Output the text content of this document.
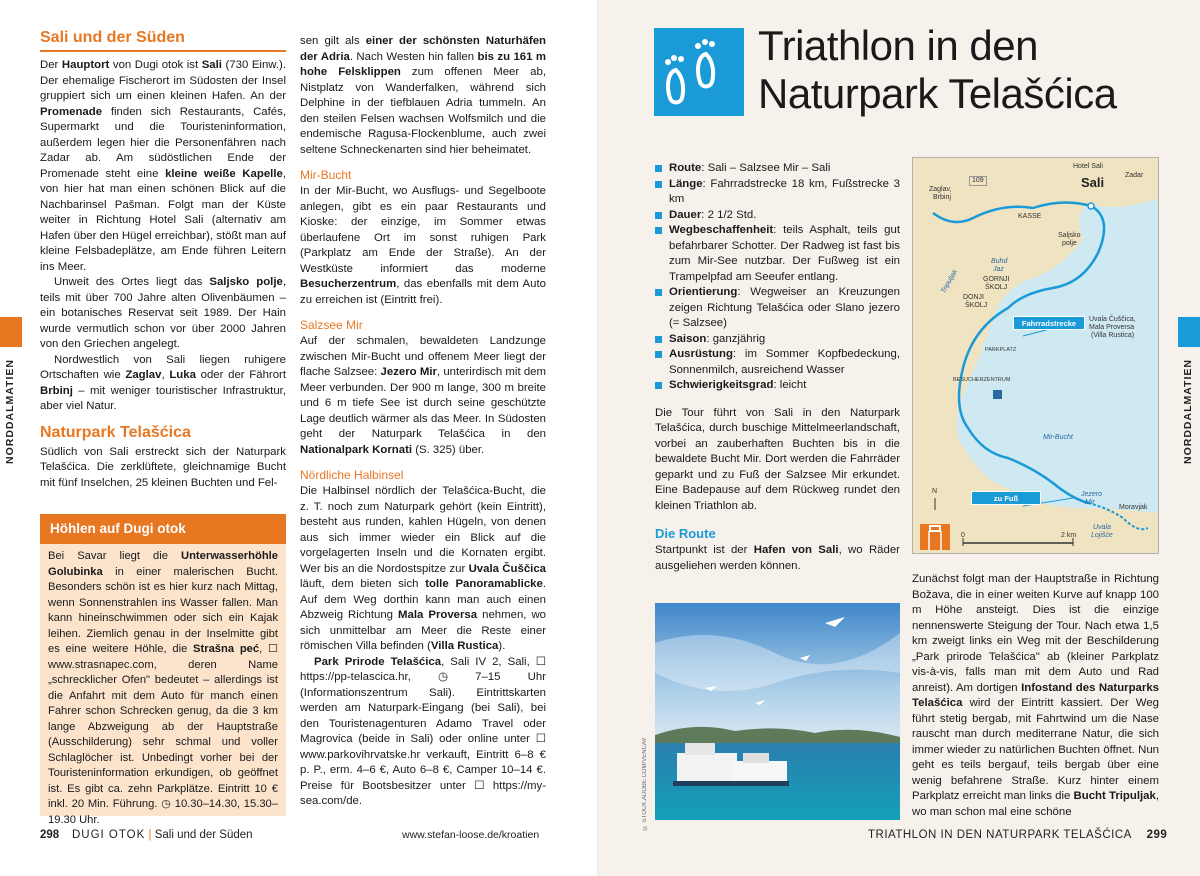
NORDDALMATIEN
Sali und der Süden

Der Hauptort von Dugi otok ist Sali (730 Einw.). Der ehemalige Fischerort im Südosten der Insel gruppiert sich um einen kleinen Hafen. An der Promenade finden sich Restaurants, Cafés, Supermarkt und die Touristeninformation, außerdem legen hier die Personenfähren nach Zadar ab. Am südöstlichen Ende der Promenade steht eine kleine weiße Kapelle, von hier hat man einen schönen Blick auf die Nachbarinsel Pašman. Folgt man der Küste weiter in Richtung Hotel Sali (alternativ am Hafen über den Hügel erreichbar), stößt man auf kleine Felsbadeplätze, am Ende führen Leitern ins Meer.

Unweit des Ortes liegt das Saljsko polje, teils mit über 700 Jahre alten Olivenbäumen – ein botanisches Reservat seit 1989. Der Hain wurde vermutlich schon vor über 2000 Jahren von den Griechen angelegt.

Nordwestlich von Sali liegen ruhigere Ortschaften wie Zaglav, Luka oder der Fährort Brbinj – mit weniger touristischer Infrastruktur, aber viel Natur.

Naturpark Telašćica

Südlich von Sali erstreckt sich der Naturpark Telašćica. Die zerklüftete, gleichnamige Bucht mit fünf Inselchen, 25 kleinen Buchten und Fel-

Höhlen auf Dugi otok
Bei Savar liegt die Unterwasserhöhle Golubinka in einer malerischen Bucht. Besonders schön ist es hier kurz nach Mittag, wenn Sonnenstrahlen ins Wasser fallen. Man kann hineinschwimmen oder sich ein Kajak leihen. Ziemlich genau in der Inselmitte gibt es eine weitere Höhle, die Strašna peć, ☐ www.strasnapec.com, deren Name „schrecklicher Ofen" bedeutet – allerdings ist die Anfahrt mit dem Auto für manch einen Fahrer schon Schrecken genug, da die 3 km lange Abzweigung ab der Hauptstraße (Ausschilderung) sehr schmal und voller Schlaglöcher ist. Unbedingt vorher bei der Touristeninformation erkundigen, ob geöffnet ist. Es gibt ca. zehn Parkplätze. Eintritt 10 € inkl. 20 Min. Führung. ◷ 10.30–14.30, 15.30–19.30 Uhr.

sen gilt als einer der schönsten Naturhäfen der Adria. Nach Westen hin fallen bis zu 161 m hohe Felsklippen zum offenen Meer ab, Nistplatz von Wanderfalken, während sich Delphine in der tiefblauen Adria tummeln. An den steilen Felsen wachsen Wolfsmilch und die endemische Ragusa-Flockenblume, auch zwei seltene Schneckenarten sind hier beheimatet.

Mir-Bucht

In der Mir-Bucht, wo Ausflugs- und Segelboote anlegen, gibt es ein paar Restaurants und Kioske: der einzige, im Sommer etwas überlaufene Ort im sonst ruhigen Park (Parkplatz am Ende der Straße). An der Westküste informiert das moderne Besucherzentrum, das ebenfalls mit dem Auto zu erreichen ist (Eintritt frei).

Salzsee Mir

Auf der schmalen, bewaldeten Landzunge zwischen Mir-Bucht und offenem Meer liegt der flache Salzsee: Jezero Mir, unterirdisch mit dem Meer verbunden. Der 900 m lange, 300 m breite und 6 m tiefe See ist durch seine geschützte Lage deutlich wärmer als das Meer. In Südosten geht der Naturpark Telašćica in den Nationalpark Kornati (S. 325) über.

Nördliche Halbinsel

Die Halbinsel nördlich der Telašćica-Bucht, die z. T. noch zum Naturpark gehört (kein Eintritt), besteht aus runden, kahlen Hügeln, von denen aus sich immer wieder ein Blick auf die vorgelagerten Inseln und die Kornaten ergibt. Wer bis an die Nordostspitze zur Uvala Čuščica läuft, dem bieten sich tolle Panoramablicke. Auf dem Weg dorthin kann man auch einen Abzweig Richtung Mala Proversa nehmen, wo sich unmittelbar am Meer die Reste einer römischen Villa befinden (Villa Rustica).

Park Prirode Telašćica, Sali IV 2, Sali, ☐ https://pp-telascica.hr, ◷ 7–15 Uhr (Informationszentrum Sali). Eintrittskarten werden am Naturpark-Eingang (bei Sali), bei den Touristenagenturen Adamo Travel oder Magrovica (beide in Sali) oder online unter ☐ www.parkovihrvatske.hr verkauft, Eintritt 6–8 € p. P., erm. 4–6 €, Auto 6–8 €, Camper 10–14 €. Preise für Bootsbesitzer unter ☐ https://my-sea.com/de.

298 DUGI OTOK | Sali und der Süden	www.stefan-loose.de/kroatien
NORDDALMATIEN
Triathlon in den
Naturpark Telašćica
Route: Sali – Salzsee Mir – Sali
Länge: Fahrradstrecke 18 km, Fußstrecke 3 km
Dauer: 2 1/2 Std.
Wegbeschaffenheit: teils Asphalt, teils gut befahrbarer Schotter. Der Radweg ist fast bis zum Mir-See nutzbar. Der Fußweg ist ein Trampelpfad am Seeufer entlang.
Orientierung: Wegweiser an Kreuzungen zeigen Richtung Telašćica oder Slano jezero (= Salzsee)
Saison: ganzjährig
Ausrüstung: im Sommer Kopfbedeckung, Sonnenmilch, ausreichend Wasser
Schwierigkeitsgrad: leicht

Die Tour führt von Sali in den Naturpark Telašćica, durch buschige Mittelmeerlandschaft, vorbei an zauberhaften Buchten bis in die bewaldete Bucht Mir. Dort werden die Fahrräder geparkt und zu Fuß der Salzsee Mir erkundet. Eine Badepause auf dem Rückweg rundet den kleinen Triathlon ab.

Die Route

Startpunkt ist der Hafen von Sali, wo Räder ausgeliehen werden können.

© STOCK.ADOBE.COM/VENCAV
Zaglav,
Brbinj
109
Hotel Sali
Sali	Zadar
KASSE
Saljsko
polje
Tripuljak
Buhd
Jaz
GORNJI
ŠKOLJ
DONJI
ŠKOLJ
Uvala Čuščica,
Mala Proversa
(Villa Rustica)
Fahrradstrecke
PARKPLATZ
BESUCHERZENTRUM
Mir-Bucht
zu Fuß	Jezero
Mir
Moravjak
Uvala
Lojišće
N
0	2 km

Zunächst folgt man der Hauptstraße in Richtung Božava, die in einer weiten Kurve auf knapp 100 m Höhe ansteigt. Dies ist die einzige nennenswerte Steigung der Tour. Nach etwa 1,5 km zweigt links ein Weg mit der Beschilderung „Park prirode Telašćica" ab (kleiner Parkplatz vis-à-vis, falls man mit dem Auto und Rad anreist). Am dortigen Infostand des Naturparks Telašćica wird der Eintritt kassiert. Der Weg führt stetig bergab, mit Fahrtwind um die Nase rauscht man durch mediterrane Natur, die sich immer wieder zu natürlichen Buchten öffnet. Nun geht es teils bergauf, teils bergab über eine wenig befahrene Straße. Kurz hinter einem Parkplatz erreicht man links die Bucht Tripuljak, wo man schon mal eine schöne

TRIATHLON IN DEN NATURPARK TELAŠĆICA 299
